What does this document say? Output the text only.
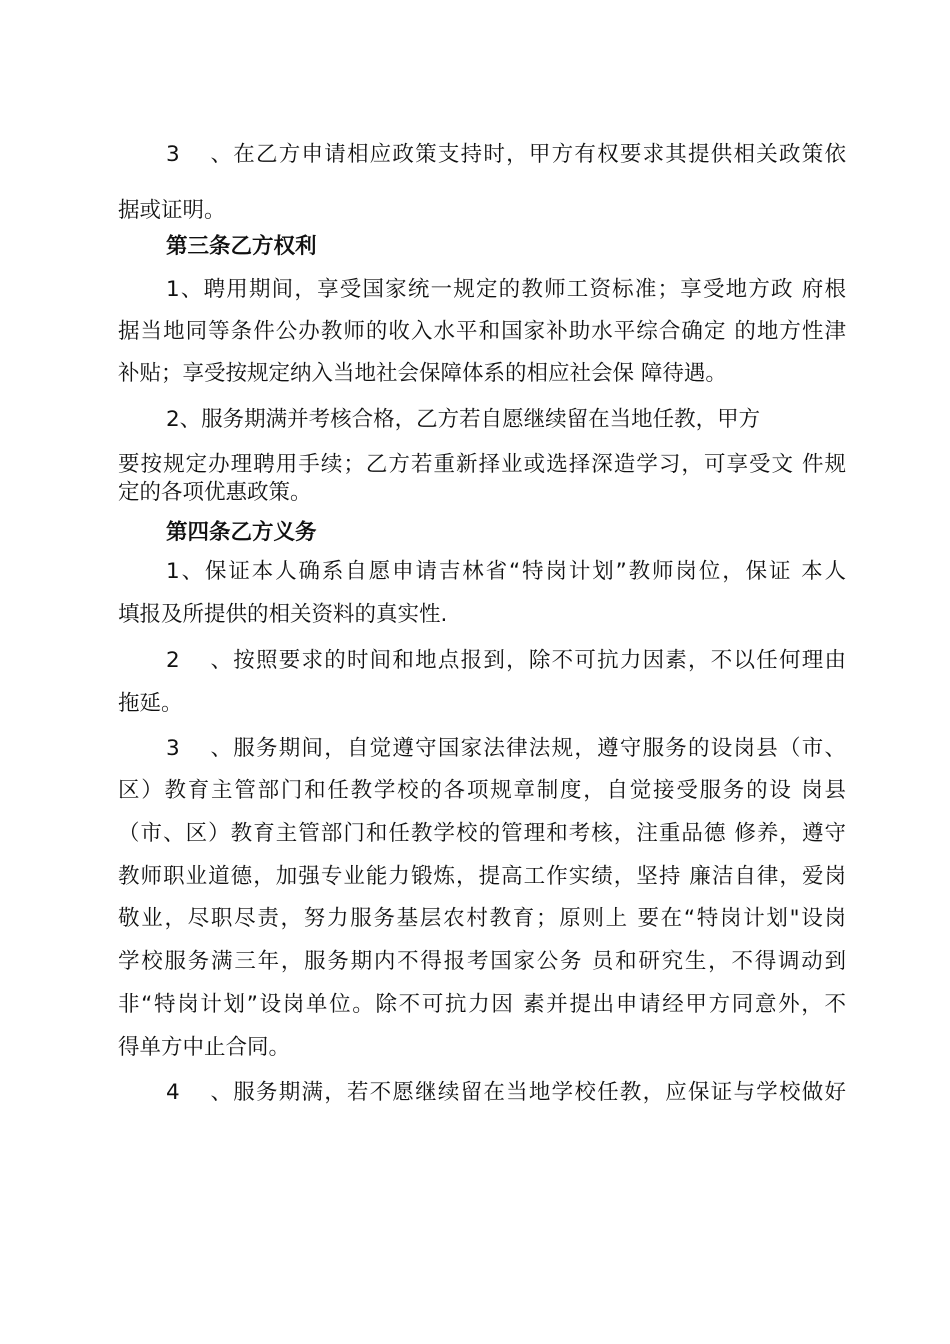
3、在乙方申请相应政策支持时，甲方有权要求其提供相关政策依
据或证明。
第三条乙方权利
1、聘用期间，享受国家统一规定的教师工资标准；享受地方政 府根
据当地同等条件公办教师的收入水平和国家补助水平综合确定 的地方性津
补贴；享受按规定纳入当地社会保障体系的相应社会保 障待遇。
2、服务期满并考核合格，乙方若自愿继续留在当地任教，甲方
要按规定办理聘用手续；乙方若重新择业或选择深造学习，可享受文 件规
定的各项优惠政策。
第四条乙方义务
1、保证本人确系自愿申请吉林省“特岗计划”教师岗位，保证 本人
填报及所提供的相关资料的真实性.
2、按照要求的时间和地点报到，除不可抗力因素，不以任何理由
拖延。
3、服务期间，自觉遵守国家法律法规，遵守服务的设岗县（市、
区）教育主管部门和任教学校的各项规章制度，自觉接受服务的设 岗县
（市、区）教育主管部门和任教学校的管理和考核，注重品德 修养，遵守
教师职业道德，加强专业能力锻炼，提高工作实绩，坚持 廉洁自律，爱岗
敬业，尽职尽责，努力服务基层农村教育；原则上 要在“特岗计划"设岗
学校服务满三年，服务期内不得报考国家公务 员和研究生，不得调动到
非“特岗计划”设岗单位。除不可抗力因 素并提出申请经甲方同意外，不
得单方中止合同。
4、服务期满，若不愿继续留在当地学校任教，应保证与学校做好
